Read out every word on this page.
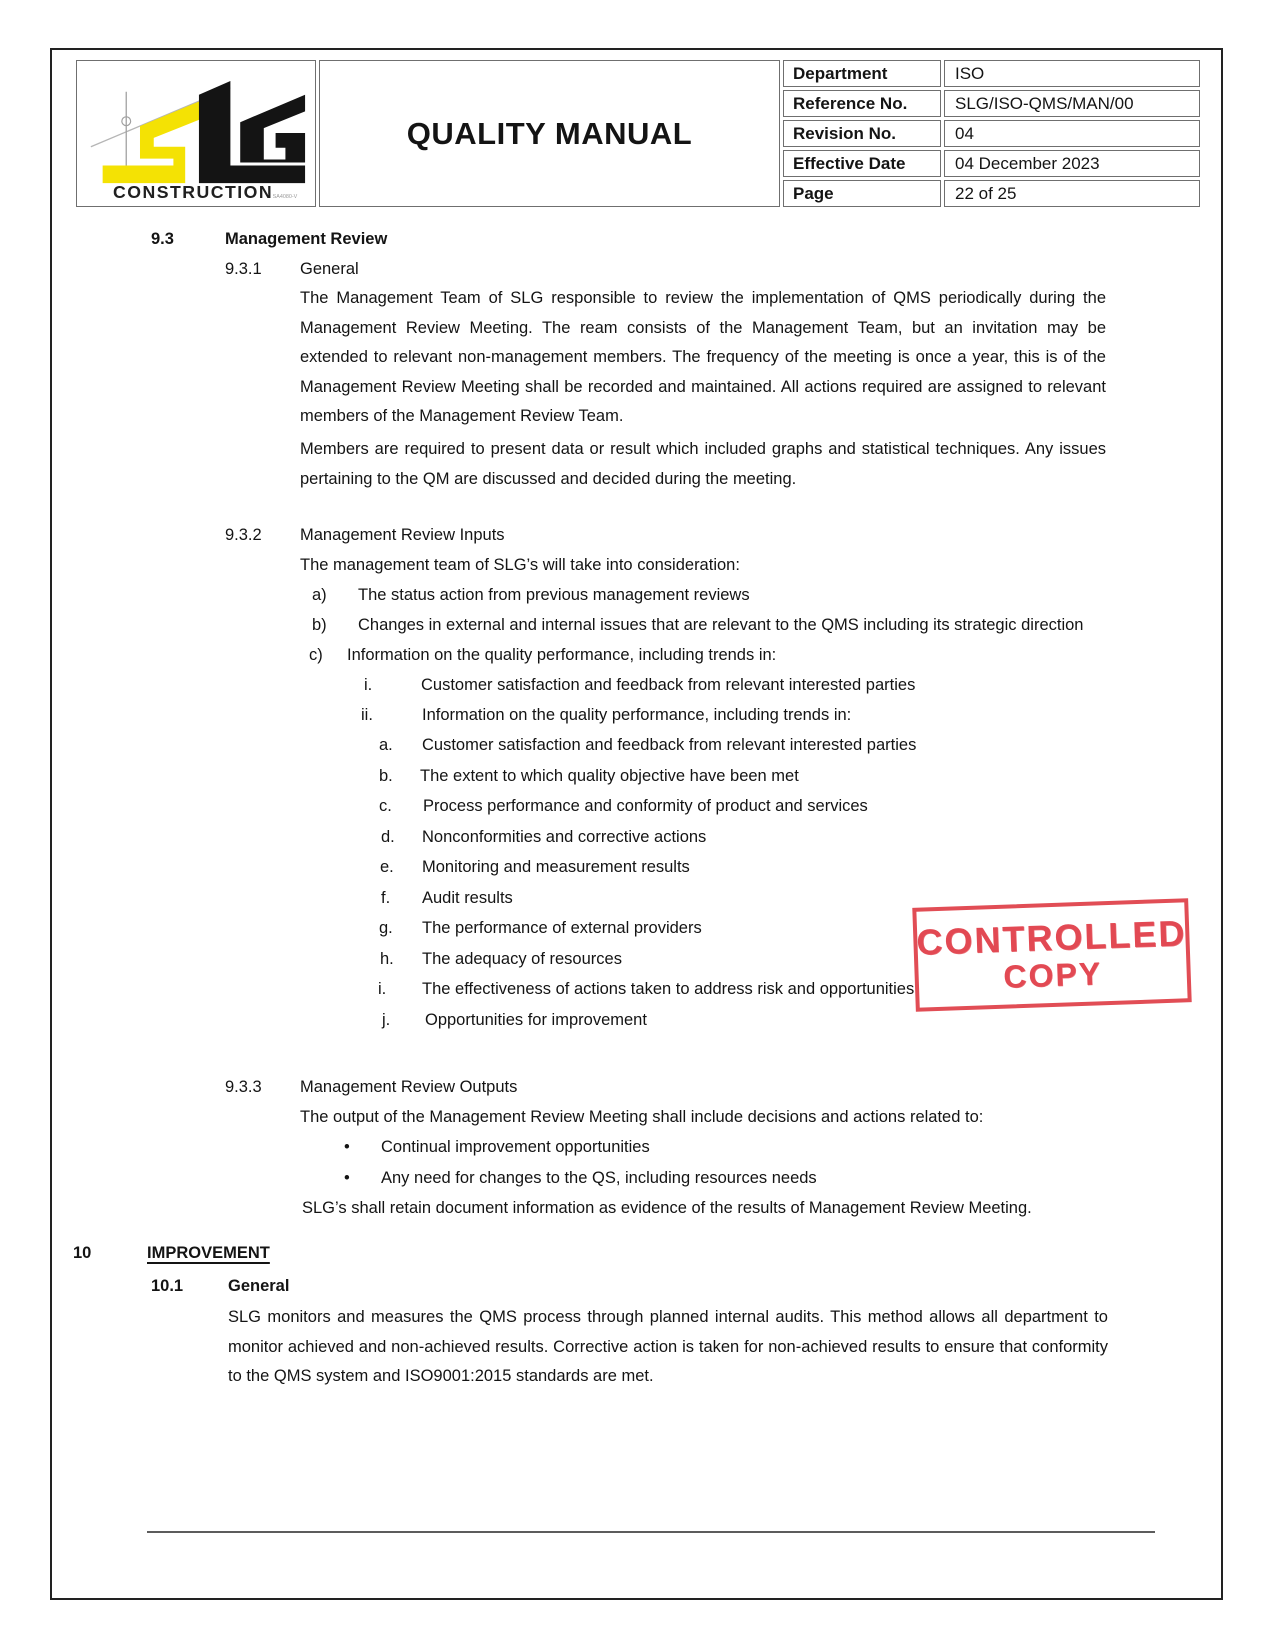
CONSTRUCTION SA4080-V
QUALITY MANUAL
Department	ISO
Reference No.	SLG/ISO-QMS/MAN/00
Revision No.	04
Effective Date	04 December 2023
Page	22 of 25
9.3	Management Review
9.3.1 General
The Management Team of SLG responsible to review the implementation of QMS periodically during the Management Review Meeting. The ream consists of the Management Team, but an invitation may be extended to relevant non-management members. The frequency of the meeting is once a year, this is of the Management Review Meeting shall be recorded and maintained. All actions required are assigned to relevant members of the Management Review Team.
Members are required to present data or result which included graphs and statistical techniques. Any issues pertaining to the QM are discussed and decided during the meeting.
9.3.2 Management Review Inputs
The management team of SLG’s will take into consideration:
a) The status action from previous management reviews
b) Changes in external and internal issues that are relevant to the QMS including its strategic direction
c) Information on the quality performance, including trends in:
i.	Customer satisfaction and feedback from relevant interested parties
ii.	Information on the quality performance, including trends in:
a. Customer satisfaction and feedback from relevant interested parties
b. The extent to which quality objective have been met
c. Process performance and conformity of product and services
d. Nonconformities and corrective actions
e. Monitoring and measurement results
f. Audit results
g. The performance of external providers
h. The adequacy of resources
i. The effectiveness of actions taken to address risk and opportunities
j. Opportunities for improvement
9.3.3 Management Review Outputs
The output of the Management Review Meeting shall include decisions and actions related to:
• Continual improvement opportunities
• Any need for changes to the QS, including resources needs
SLG’s shall retain document information as evidence of the results of Management Review Meeting.
10	IMPROVEMENT
10.1	General
SLG monitors and measures the QMS process through planned internal audits. This method allows all department to monitor achieved and non-achieved results. Corrective action is taken for non-achieved results to ensure that conformity to the QMS system and ISO9001:2015 standards are met.
CONTROLLED
COPY
